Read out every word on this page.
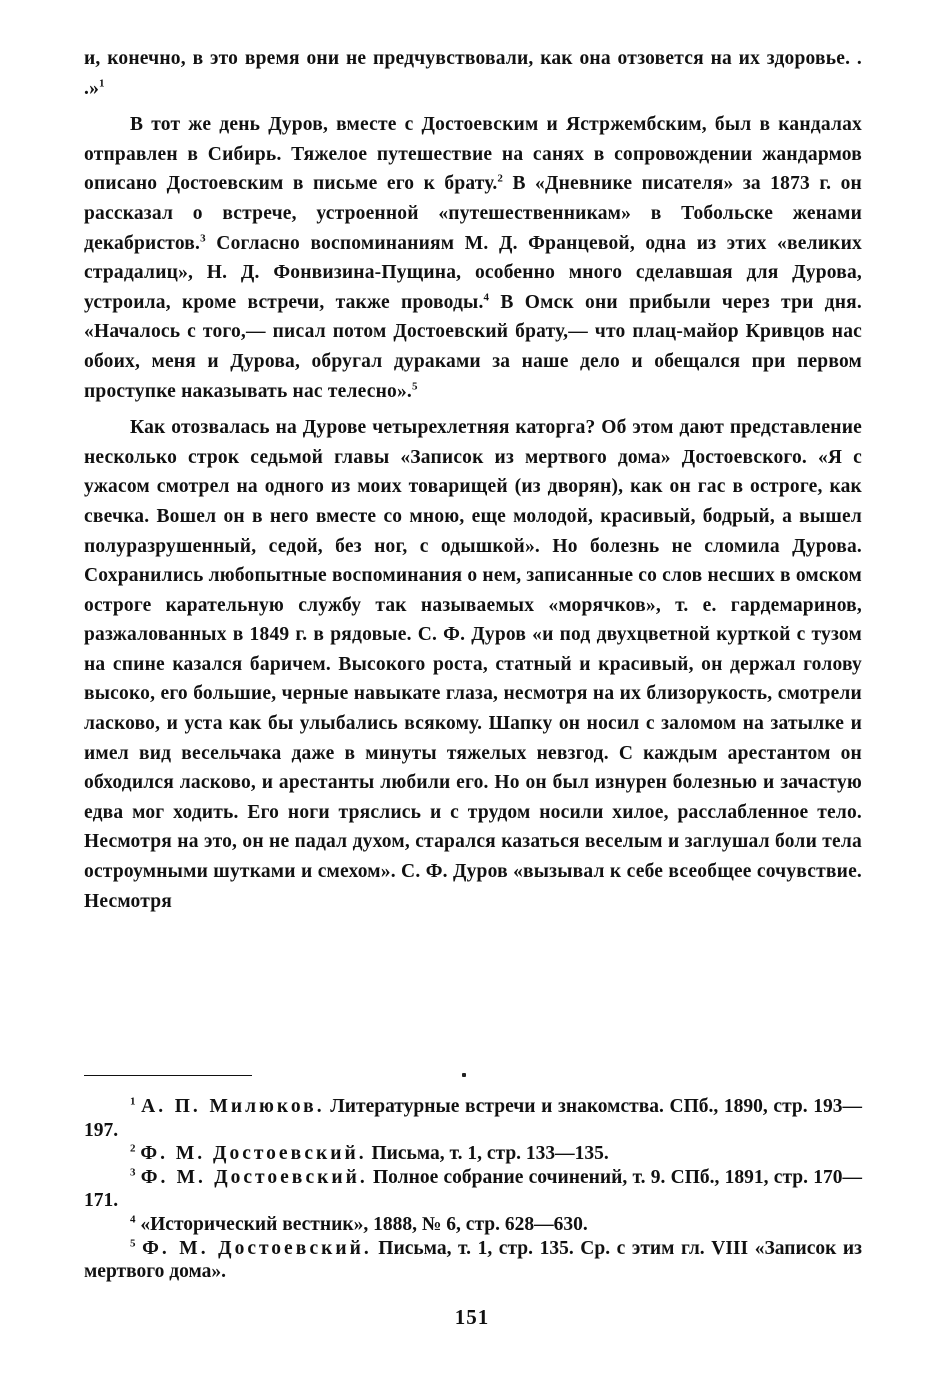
и, конечно, в это время они не предчувствовали, как она отзовется на их здоровье. . .»$^1$

В тот же день Дуров, вместе с Достоевским и Ястржембским, был в кандалах отправлен в Сибирь. Тяжелое путешествие на санях в сопровождении жандармов описано Достоевским в письме его к брату.$^2$ В «Дневнике писателя» за 1873 г. он рассказал о встрече, устроенной «путешественникам» в Тобольске женами декабристов.$^3$ Согласно воспоминаниям М. Д. Францевой, одна из этих «великих страдалиц», Н. Д. Фонвизина-Пущина, особенно много сделавшая для Дурова, устроила, кроме встречи, также проводы.$^4$ В Омск они прибыли через три дня. «Началось с того,— писал потом Достоевский брату,— что плац-майор Кривцов нас обоих, меня и Дурова, обругал дураками за наше дело и обещался при первом проступке наказывать нас телесно».$^5$

Как отозвалась на Дурове четырехлетняя каторга? Об этом дают представление несколько строк седьмой главы «Записок из мертвого дома» Достоевского. «Я с ужасом смотрел на одного из моих товарищей (из дворян), как он гас в остроге, как свечка. Вошел он в него вместе со мною, еще молодой, красивый, бодрый, а вышел полуразрушенный, седой, без ног, с одышкой». Но болезнь не сломила Дурова. Сохранились любопытные воспоминания о нем, записанные со слов несших в омском остроге карательную службу так называемых «морячков», т. е. гардемаринов, разжалованных в 1849 г. в рядовые. С. Ф. Дуров «и под двухцветной курткой с тузом на спине казался баричем. Высокого роста, статный и красивый, он держал голову высоко, его большие, черные навыкате глаза, несмотря на их близорукость, смотрели ласково, и уста как бы улыбались всякому. Шапку он носил с заломом на затылке и имел вид весельчака даже в минуты тяжелых невзгод. С каждым арестантом он обходился ласково, и арестанты любили его. Но он был изнурен болезнью и зачастую едва мог ходить. Его ноги тряслись и с трудом носили хилое, расслабленное тело. Несмотря на это, он не падал духом, старался казаться веселым и заглушал боли тела остроумными шутками и смехом». С. Ф. Дуров «вызывал к себе всеобщее сочувствие. Несмотря

$^1$ А. П. Милюков. Литературные встречи и знакомства. СПб., 1890, стр. 193—197.

$^2$ Ф. М. Достоевский. Письма, т. 1, стр. 133—135.

$^3$ Ф. М. Достоевский. Полное собрание сочинений, т. 9. СПб., 1891, стр. 170—171.

$^4$ «Исторический вестник», 1888, № 6, стр. 628—630.

$^5$ Ф. М. Достоевский. Письма, т. 1, стр. 135. Ср. с этим гл. VIII «Записок из мертвого дома».

151
